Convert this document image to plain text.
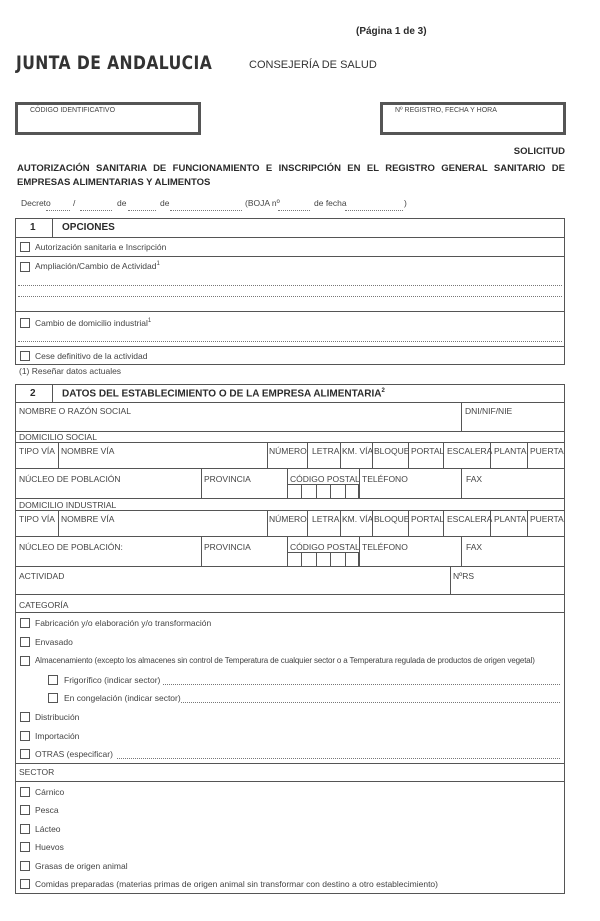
(Página 1 de 3)
JUNTA DE ANDALUCIA	CONSEJERÍA DE SALUD
CÓDIGO IDENTIFICATIVO	Nº REGISTRO, FECHA Y HORA
SOLICITUD
AUTORIZACIÓN SANITARIA DE FUNCIONAMIENTO E INSCRIPCIÓN EN EL REGISTRO GENERAL SANITARIO DE EMPRESAS ALIMENTARIAS Y ALIMENTOS
Decreto	/	de	de	(BOJA nº	de fecha	)
1	OPCIONES
Autorización sanitaria e Inscripción
Ampliación/Cambio de Actividad$^1$
Cambio de domicilio industrial$^1$
Cese definitivo de la actividad
(1) Reseñar datos actuales
2	DATOS DEL ESTABLECIMIENTO O DE LA EMPRESA ALIMENTARIA$^2$
NOMBRE O RAZÓN SOCIAL	DNI/NIF/NIE
DOMICILIO SOCIAL
TIPO VÍA NOMBRE VÍA	NÚMERO LETRA KM. VÍA BLOQUE PORTAL ESCALERA PLANTA PUERTA
NÚCLEO DE POBLACIÓN	PROVINCIA	CÓDIGO POSTAL TELÉFONO	FAX
DOMICILIO INDUSTRIAL
TIPO VÍA NOMBRE VÍA	NÚMERO LETRA KM. VÍA BLOQUE PORTAL ESCALERA PLANTA PUERTA
NÚCLEO DE POBLACIÓN:	PROVINCIA	CÓDIGO POSTAL TELÉFONO	FAX
ACTIVIDAD	NºRS
CATEGORÍA
Fabricación y/o elaboración y/o transformación
Envasado
Almacenamiento (excepto los almacenes sin control de Temperatura de cualquier sector o a Temperatura regulada de productos de origen vegetal)
Frigorífico (indicar sector)
En congelación (indicar sector)
Distribución
Importación
OTRAS (especificar)
SECTOR
Cárnico
Pesca
Lácteo
Huevos
Grasas de origen animal
Comidas preparadas (materias primas de origen animal sin transformar con destino a otro establecimiento)
